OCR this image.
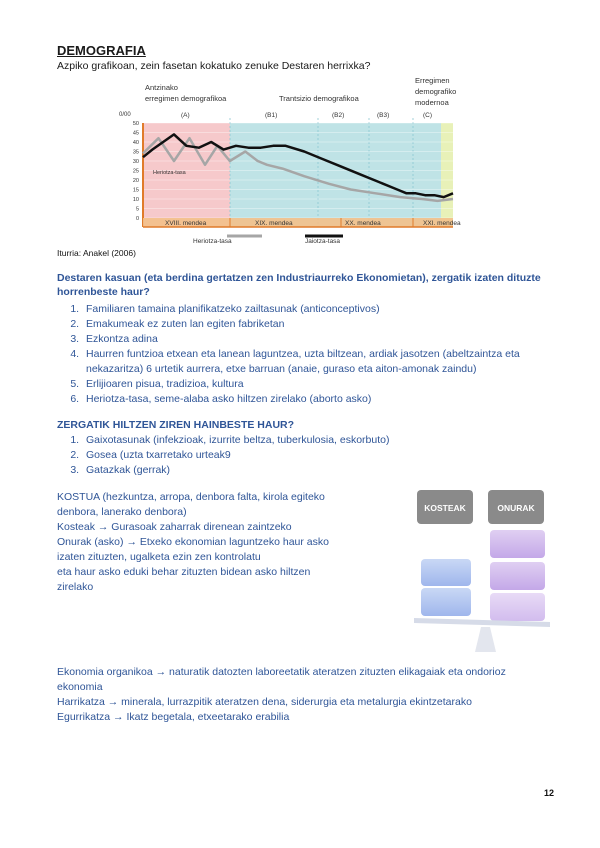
DEMOGRAFIA
Azpiko grafikoan, zein fasetan kokatuko zenuke Destaren herrixka?
50
45
40
35
30
25
20
15
10
5
0
0/00
Antzinako
erregimen demografikoa	Trantsizio demografikoa
Erregimen
demografiko
modernoa
(A)	(B1)	(B2)	(B3)	(C)
XVIII. mendea	XIX. mendea	XX. mendea	XXI. mendea
Heriotza-tasa
Heriotza-tasa	Jaiotza-tasa
Iturria: Anakel (2006)
Destaren kasuan (eta berdina gertatzen zen Industriaurreko Ekonomietan), zergatik izaten dituzte horrenbeste haur?
1. Familiaren tamaina planifikatzeko zailtasunak (anticonceptivos)
2. Emakumeak ez zuten lan egiten fabriketan
3. Ezkontza adina
4. Haurren funtzioa etxean eta lanean laguntzea, uzta biltzean, ardiak jasotzen (abeltzaintza eta nekazaritza) 6 urtetik aurrera, etxe barruan (anaie, guraso eta aiton-amonak zaindu)
5. Erlijioaren pisua, tradizioa, kultura
6. Heriotza-tasa, seme-alaba asko hiltzen zirelako (aborto asko)
ZERGATIK HILTZEN ZIREN HAINBESTE HAUR?
1. Gaixotasunak (infekzioak, izurrite beltza, tuberkulosia, eskorbuto)
2. Gosea (uzta txarretako urteak9
3. Gatazkak (gerrak)
KOSTUA (hezkuntza, arropa, denbora falta, kirola egiteko
denbora, lanerako denbora)
Kosteak → Gurasoak zaharrak direnean zaintzeko
Onurak (asko) → Etxeko ekonomian laguntzeko haur asko
izaten zituzten, ugalketa ezin zen kontrolatu
eta haur asko eduki behar zituzten bidean asko hiltzen
zirelako
KOSTEAK	ONURAK
Ekonomia organikoa → naturatik datozten laboreetatik ateratzen zituzten elikagaiak eta ondorioz
ekonomia
Harrikatza → minerala, lurrazpitik ateratzen dena, siderurgia eta metalurgia ekintzetarako
Egurrikatza → Ikatz begetala, etxeetarako erabilia
12
